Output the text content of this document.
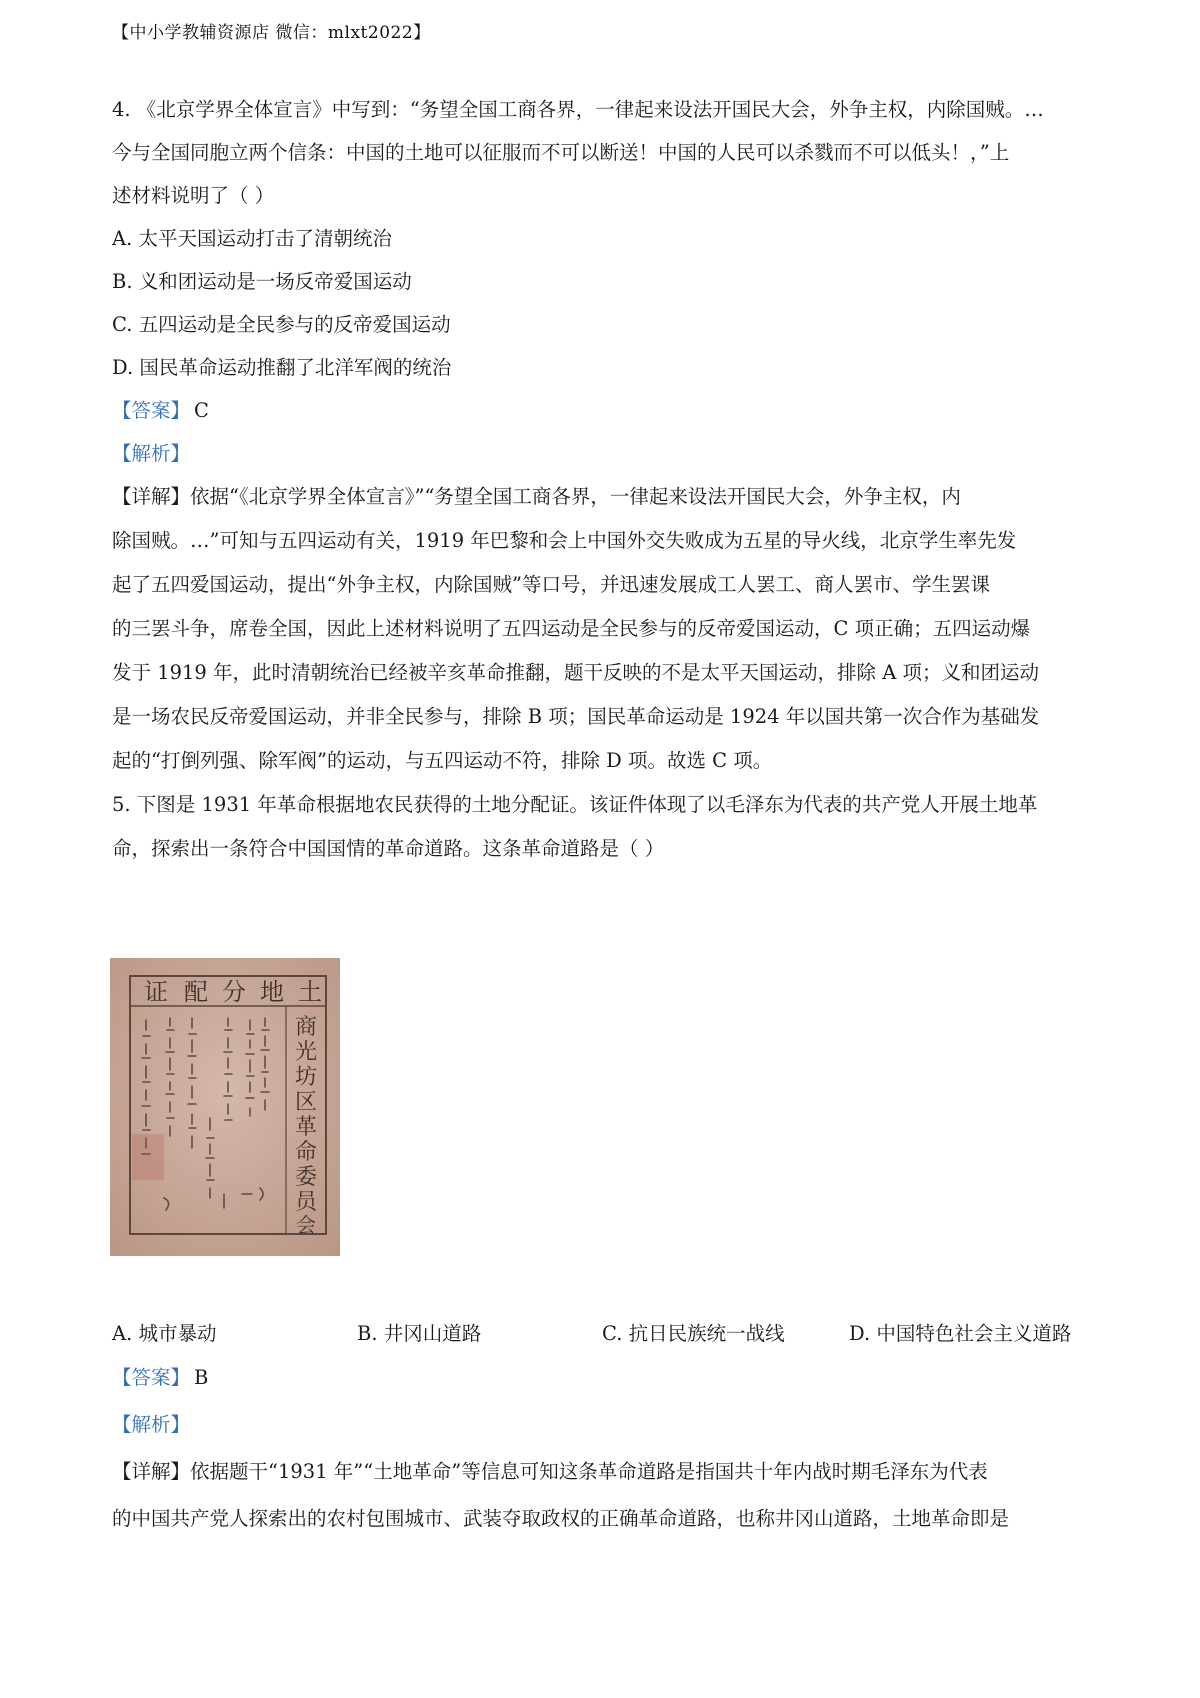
【中小学教辅资源店 微信：mlxt2022】
4. 《北京学界全体宣言》中写到：“务望全国工商各界，一律起来设法开国民大会，外争主权，内除国贼。…
今与全国同胞立两个信条：中国的土地可以征服而不可以断送！中国的人民可以杀戮而不可以低头！，”上
述材料说明了（ ）
A. 太平天国运动打击了清朝统治
B. 义和团运动是一场反帝爱国运动
C. 五四运动是全民参与的反帝爱国运动
D. 国民革命运动推翻了北洋军阀的统治
【答案】 C
【解析】
【详解】依据“《北京学界全体宣言》”“务望全国工商各界，一律起来设法开国民大会，外争主权，内
除国贼。…”可知与五四运动有关，1919 年巴黎和会上中国外交失败成为五星的导火线，北京学生率先发
起了五四爱国运动，提出“外争主权，内除国贼”等口号，并迅速发展成工人罢工、商人罢市、学生罢课
的三罢斗争，席卷全国，因此上述材料说明了五四运动是全民参与的反帝爱国运动，C 项正确；五四运动爆
发于 1919 年，此时清朝统治已经被辛亥革命推翻，题干反映的不是太平天国运动，排除 A 项；义和团运动
是一场农民反帝爱国运动，并非全民参与，排除 B 项；国民革命运动是 1924 年以国共第一次合作为基础发
起的“打倒列强、除军阀”的运动，与五四运动不符，排除 D 项。故选 C 项。
5. 下图是 1931 年革命根据地农民获得的土地分配证。该证件体现了以毛泽东为代表的共产党人开展土地革
命，探索出一条符合中国国情的革命道路。这条革命道路是（ ）
土
地
分
配
证
商
光
坊
区
革
命
委
员
会
A. 城市暴动	B. 井冈山道路	C. 抗日民族统一战线	D. 中国特色社会主义道路
【答案】 B
【解析】
【详解】依据题干“1931 年”“土地革命”等信息可知这条革命道路是指国共十年内战时期毛泽东为代表
的中国共产党人探索出的农村包围城市、武装夺取政权的正确革命道路，也称井冈山道路，土地革命即是
